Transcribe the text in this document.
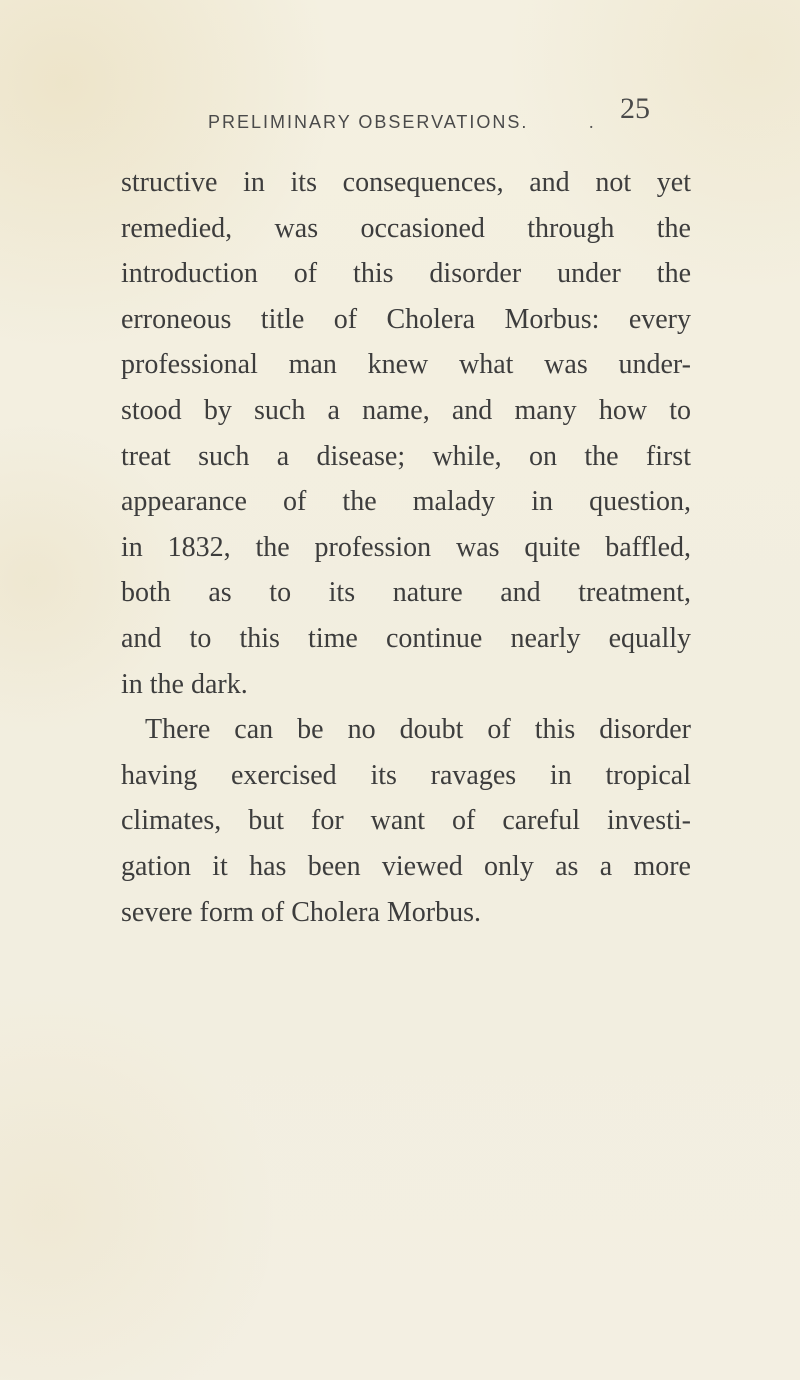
PRELIMINARY OBSERVATIONS.	. 25
structive in its consequences, and not yet
remedied, was occasioned through the
introduction of this disorder under the
erroneous title of Cholera Morbus: every
professional man knew what was under-
stood by such a name, and many how to
treat such a disease; while, on the first
appearance of the malady in question,
in 1832, the profession was quite baffled,
both as to its nature and treatment,
and to this time continue nearly equally
in the dark.
There can be no doubt of this disorder
having exercised its ravages in tropical
climates, but for want of careful investi-
gation it has been viewed only as a more
severe form of Cholera Morbus.
